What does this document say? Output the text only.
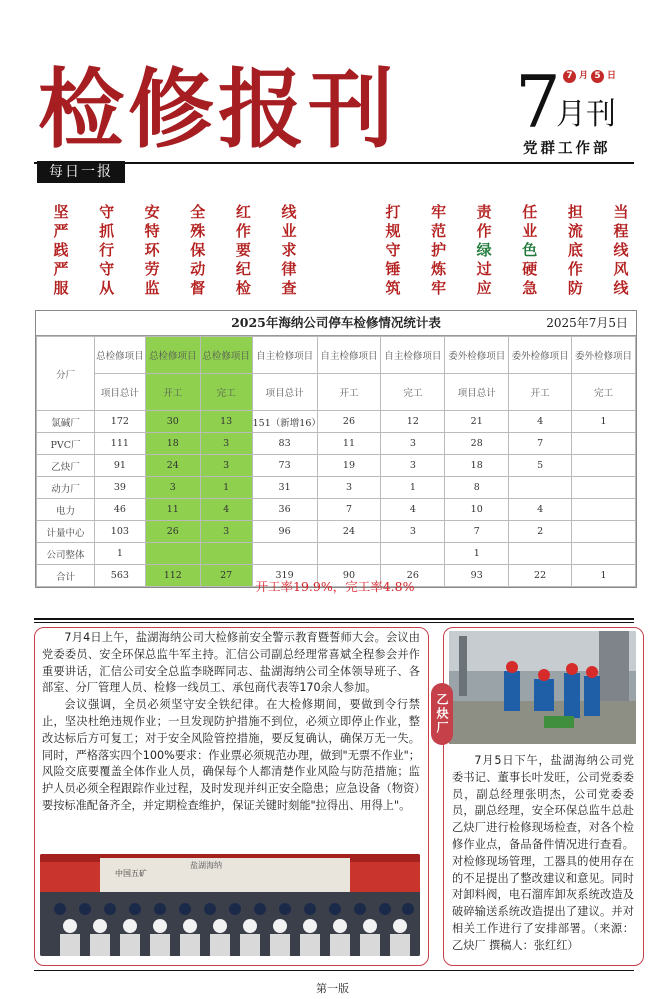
检修报刊	7
月刊
7 月 5 日
党群工作部
每日一报
坚 守 安 全 红 线
严 抓 特 殊 作 业
践 行 环 保 要 求
严 守 劳 动 纪 律
服 从 监 督 检 查
打 牢 责 任 担 当
规 范 作 业 流 程
守 护 绿 色 底 线
锤 炼 过 硬 作 风
筑 牢 应 急 防 线
2025年海纳公司停车检修情况统计表	2025年7月5日
分厂	总检修项目	总检修项目	总检修项目	自主检修项目	自主检修项目	自主检修项目	委外检修项目	委外检修项目	委外检修项目
	项目总计	开工	完工	项目总计	开工	完工	项目总计	开工	完工
氯碱厂	172	30	13	151（新增16）	26	12	21	4	1
PVC厂	111	18	3	83	11	3	28	7	
乙炔厂	91	24	3	73	19	3	18	5	
动力厂	39	3	1	31	3	1	8		
电力	46	11	4	36	7	4	10	4	
计量中心	103	26	3	96	24	3	7	2	
公司整体	1						1		
合计	563	112	27	319	90	26	93	22	1
开工率19.9%，完工率4.8%

7月4日上午，盐湖海纳公司大检修前安全警示教育暨誓师大会。会议由党委委员、安全环保总监牛军主持。汇信公司副总经理常喜斌全程参会并作重要讲话，汇信公司安全总监李晓晖同志、盐湖海纳公司全体领导班子、各部室、分厂管理人员、检修一线员工、承包商代表等170余人参加。

会议强调，全员必须坚守安全铁纪律。在大检修期间，要做到令行禁止，坚决杜绝违规作业；一旦发现防护措施不到位，必须立即停止作业，整改达标后方可复工；对于安全风险管控措施，要反复确认，确保万无一失。同时，严格落实四个100%要求：作业票必须规范办理，做到"无票不作业"；风险交底要覆盖全体作业人员，确保每个人都清楚作业风险与防范措施；监护人员必须全程跟踪作业过程，及时发现并纠正安全隐患；应急设备（物资）要按标准配备齐全，并定期检查维护，保证关键时刻能"拉得出、用得上"。

中国五矿
盐湖海纳
乙炔厂

7月5日下午，盐湖海纳公司党委书记、董事长叶发旺，公司党委委员，副总经理张明杰，公司党委委员，副总经理，安全环保总监牛总赴乙炔厂进行检修现场检查，对各个检修作业点，备品备件情况进行查看。对检修现场管理，工器具的使用存在的不足提出了整改建议和意见。同时对卸料阀，电石溜库卸灰系统改造及破碎输送系统改造提出了建议。并对相关工作进行了安排部署。（来源：乙炔厂 撰稿人：张红红）

第一版
